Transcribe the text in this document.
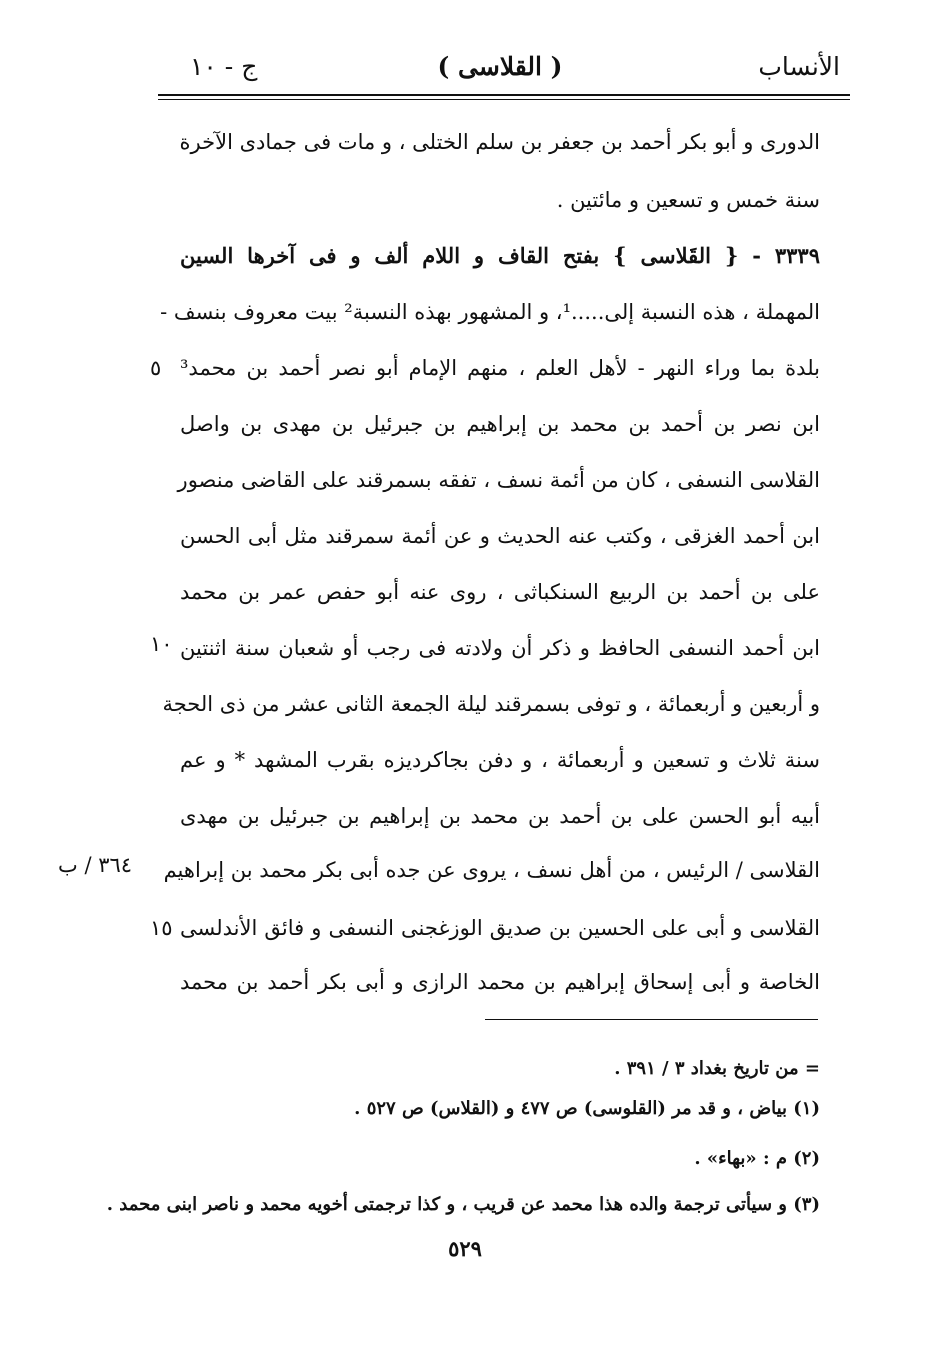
الأنساب
( القلاسى )
ج - ١٠
الدورى و أبو بكر أحمد بن جعفر بن سلم الختلى ، و مات فى جمادى الآخرة
سنة خمس و تسعين و مائتين .
٣٣٣٩ - { القَلاسى } بفتح القاف و اللام ألف و فى آخرها السين
المهملة ، هذه النسبة إلى.....¹، و المشهور بهذه النسبة² بيت معروف بنسف -
بلدة بما وراء النهر - لأهل العلم ، منهم الإمام أبو نصر أحمد بن محمد³
ابن نصر بن أحمد بن محمد بن إبراهيم بن جبرئيل بن مهدى بن واصل
القلاسى النسفى ، كان من أئمة نسف ، تفقه بسمرقند على القاضى منصور
ابن أحمد الغزقى ، وكتب عنه الحديث و عن أئمة سمرقند مثل أبى الحسن
على بن أحمد بن الربيع السنكباثى ، روى عنه أبو حفص عمر بن محمد
ابن أحمد النسفى الحافظ و ذكر أن ولادته فى رجب أو شعبان سنة اثنتين
و أربعين و أربعمائة ، و توفى بسمرقند ليلة الجمعة الثانى عشر من ذى الحجة
سنة ثلاث و تسعين و أربعمائة ، و دفن بجاكرديزه بقرب المشهد * و عم
أبيه أبو الحسن على بن أحمد بن محمد بن إبراهيم بن جبرئيل بن مهدى
القلاسى / الرئيس ، من أهل نسف ، يروى عن جده أبى بكر محمد بن إبراهيم
القلاسى و أبى على الحسين بن صديق الوزغجنى النسفى و فائق الأندلسى
الخاصة و أبى إسحاق إبراهيم بن محمد الرازى و أبى بكر أحمد بن محمد
٥
١٠
١٥
٣٦٤ / ب
= من تاريخ بغداد ٣ / ٣٩١ .
(١) بياض ، و قد مر (القلوسى) ص ٤٧٧ و (القلاس) ص ٥٢٧ .
(٢) م : «بهاء» .
(٣) و سيأتى ترجمة والده هذا محمد عن قريب ، و كذا ترجمتى أخويه محمد و ناصر ابنى محمد .
٥٢٩
